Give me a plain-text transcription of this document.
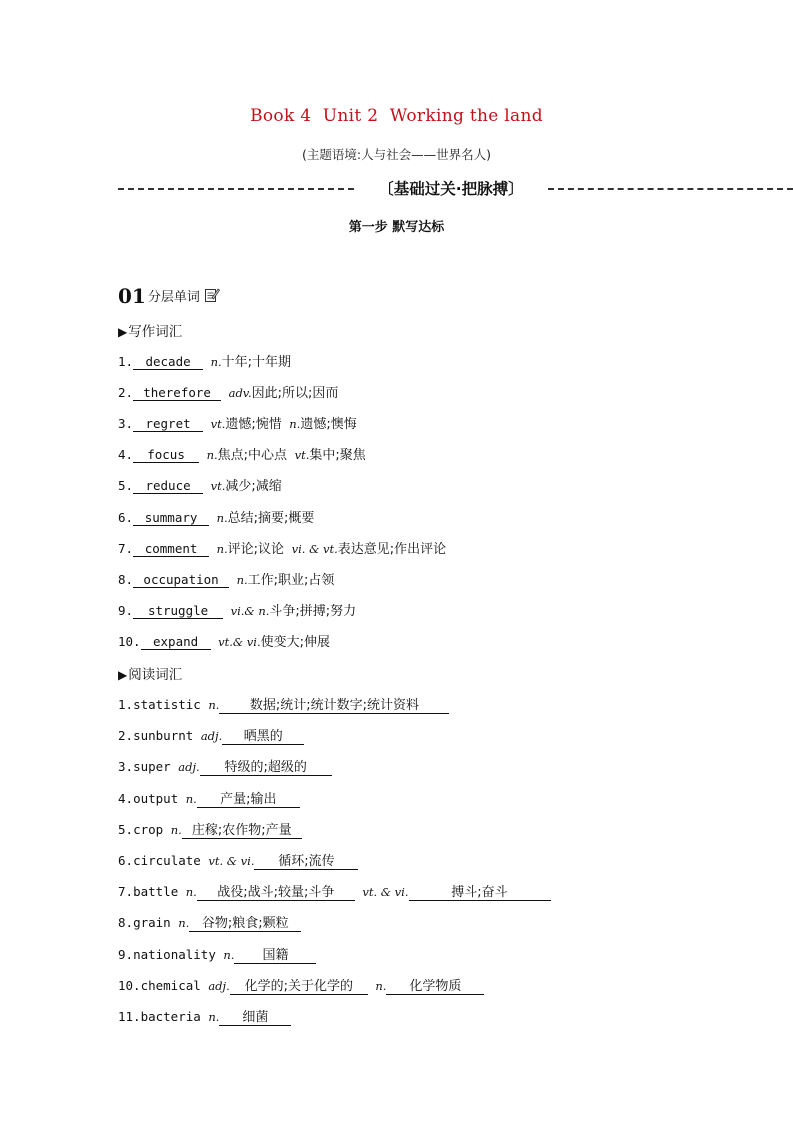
Book 4  Unit 2  Working the land
(主题语境:人与社会——世界名人)
〔基础过关·把脉搏〕
第一步 默写达标
01 分层单词
▶写作词汇
1. decade n.十年;十年期
2. therefore adv.因此;所以;因而
3. regret vt.遗憾;惋惜 n.遗憾;懊悔
4. focus n.焦点;中心点 vt.集中;聚焦
5. reduce vt.减少;减缩
6. summary n.总结;摘要;概要
7. comment n.评论;议论 vi. & vt.表达意见;作出评论
8. occupation n.工作;职业;占领
9. struggle vi.& n.斗争;拼搏;努力
10. expand vt.& vi.使变大;伸展
▶阅读词汇
1.statistic n. 数据;统计;统计数字;统计资料
2.sunburnt adj. 晒黑的
3.super adj. 特级的;超级的
4.output n. 产量;输出
5.crop n. 庄稼;农作物;产量
6.circulate vt. & vi. 循环;流传
7.battle n. 战役;战斗;较量;斗争 vt. & vi.	搏斗;奋斗
8.grain n. 谷物;粮食;颗粒
9.nationality n. 国籍
10.chemical adj. 化学的;关于化学的 n. 化学物质
11.bacteria n. 细菌
